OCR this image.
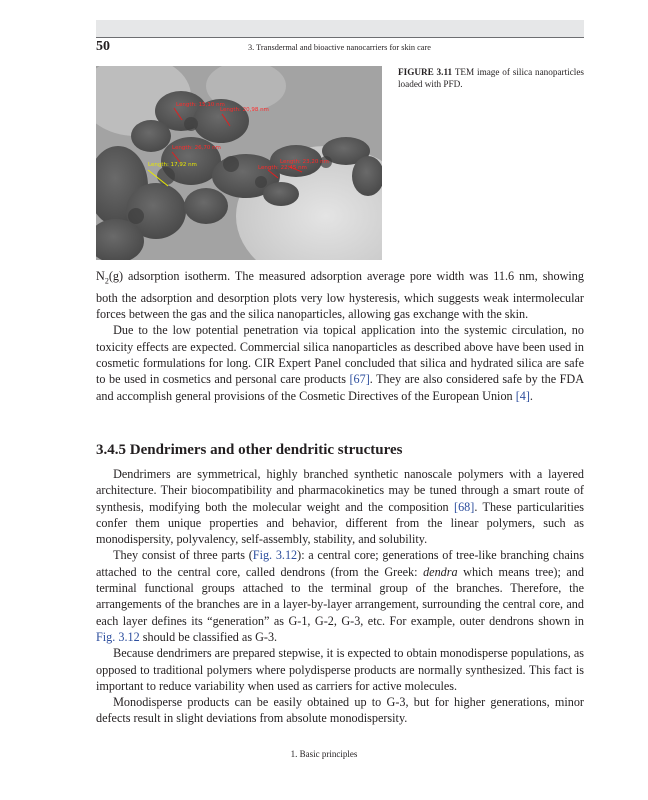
50	3. Transdermal and bioactive nanocarriers for skin care
Length: 15,10 nm
Length: 20,98 nm
Length: 26,70 nm
Length: 17,92 nm	Length: 23,20 nm
Length: 22,45 nm
FIGURE 3.11 TEM image of silica nanoparticles loaded with PFD.

$N_2(g)$ adsorption isotherm. The measured adsorption average pore width was 11.6 nm, showing both the adsorption and desorption plots very low hysteresis, which suggests weak intermolecular forces between the gas and the silica nanoparticles, allowing gas exchange with the skin.

Due to the low potential penetration via topical application into the systemic circulation, no toxicity effects are expected. Commercial silica nanoparticles as described above have been used in cosmetic formulations for long. CIR Expert Panel concluded that silica and hydrated silica are safe to be used in cosmetics and personal care products [67]. They are also considered safe by the FDA and accomplish general provisions of the Cosmetic Directives of the European Union [4].

3.4.5 Dendrimers and other dendritic structures

Dendrimers are symmetrical, highly branched synthetic nanoscale polymers with a layered architecture. Their biocompatibility and pharmacokinetics may be tuned through a smart route of synthesis, modifying both the molecular weight and the composition [68]. These particularities confer them unique properties and behavior, different from the linear polymers, such as monodispersity, polyvalency, self-assembly, stability, and solubility.

They consist of three parts (Fig. 3.12): a central core; generations of tree-like branching chains attached to the central core, called dendrons (from the Greek: dendra which means tree); and terminal functional groups attached to the terminal group of the branches. Therefore, the arrangements of the branches are in a layer-by-layer arrangement, surrounding the central core, and each layer defines its “generation” as G-1, G-2, G-3, etc. For example, outer dendrons shown in Fig. 3.12 should be classified as G-3.

Because dendrimers are prepared stepwise, it is expected to obtain monodisperse populations, as opposed to traditional polymers where polydisperse products are normally synthesized. This fact is important to reduce variability when used as carriers for active molecules.

Monodisperse products can be easily obtained up to G-3, but for higher generations, minor defects result in slight deviations from absolute monodispersity.

1. Basic principles
